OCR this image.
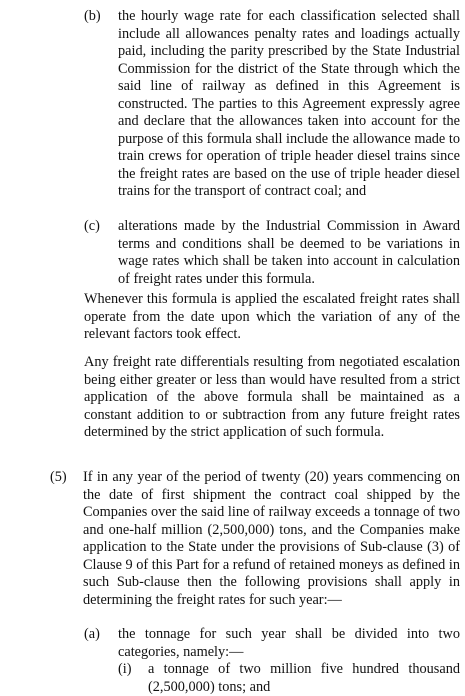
(b)	the hourly wage rate for each classification selected shall include all allowances penalty rates and loadings actually paid, including the parity prescribed by the State Industrial Commission for the district of the State through which the said line of railway as defined in this Agreement is constructed. The parties to this Agreement expressly agree and declare that the allowances taken into account for the purpose of this formula shall include the allowance made to train crews for operation of triple header diesel trains since the freight rates are based on the use of triple header diesel trains for the transport of contract coal; and
(c)	alterations made by the Industrial Commission in Award terms and conditions shall be deemed to be variations in wage rates which shall be taken into account in calculation of freight rates under this formula.

Whenever this formula is applied the escalated freight rates shall operate from the date upon which the variation of any of the relevant factors took effect.

Any freight rate differentials resulting from negotiated escalation being either greater or less than would have resulted from a strict application of the above formula shall be maintained as a constant addition to or subtraction from any future freight rates determined by the strict application of such formula.

(5)	If in any year of the period of twenty (20) years commencing on the date of first shipment the contract coal shipped by the Companies over the said line of railway exceeds a tonnage of two and one-half million (2,500,000) tons, and the Companies make application to the State under the provisions of Sub-clause (3) of Clause 9 of this Part for a refund of retained moneys as defined in such Sub-clause then the following provisions shall apply in determining the freight rates for such year:—
(a)	the tonnage for such year shall be divided into two categories, namely:—
(i)	a tonnage of two million five hundred thousand (2,500,000) tons; and
